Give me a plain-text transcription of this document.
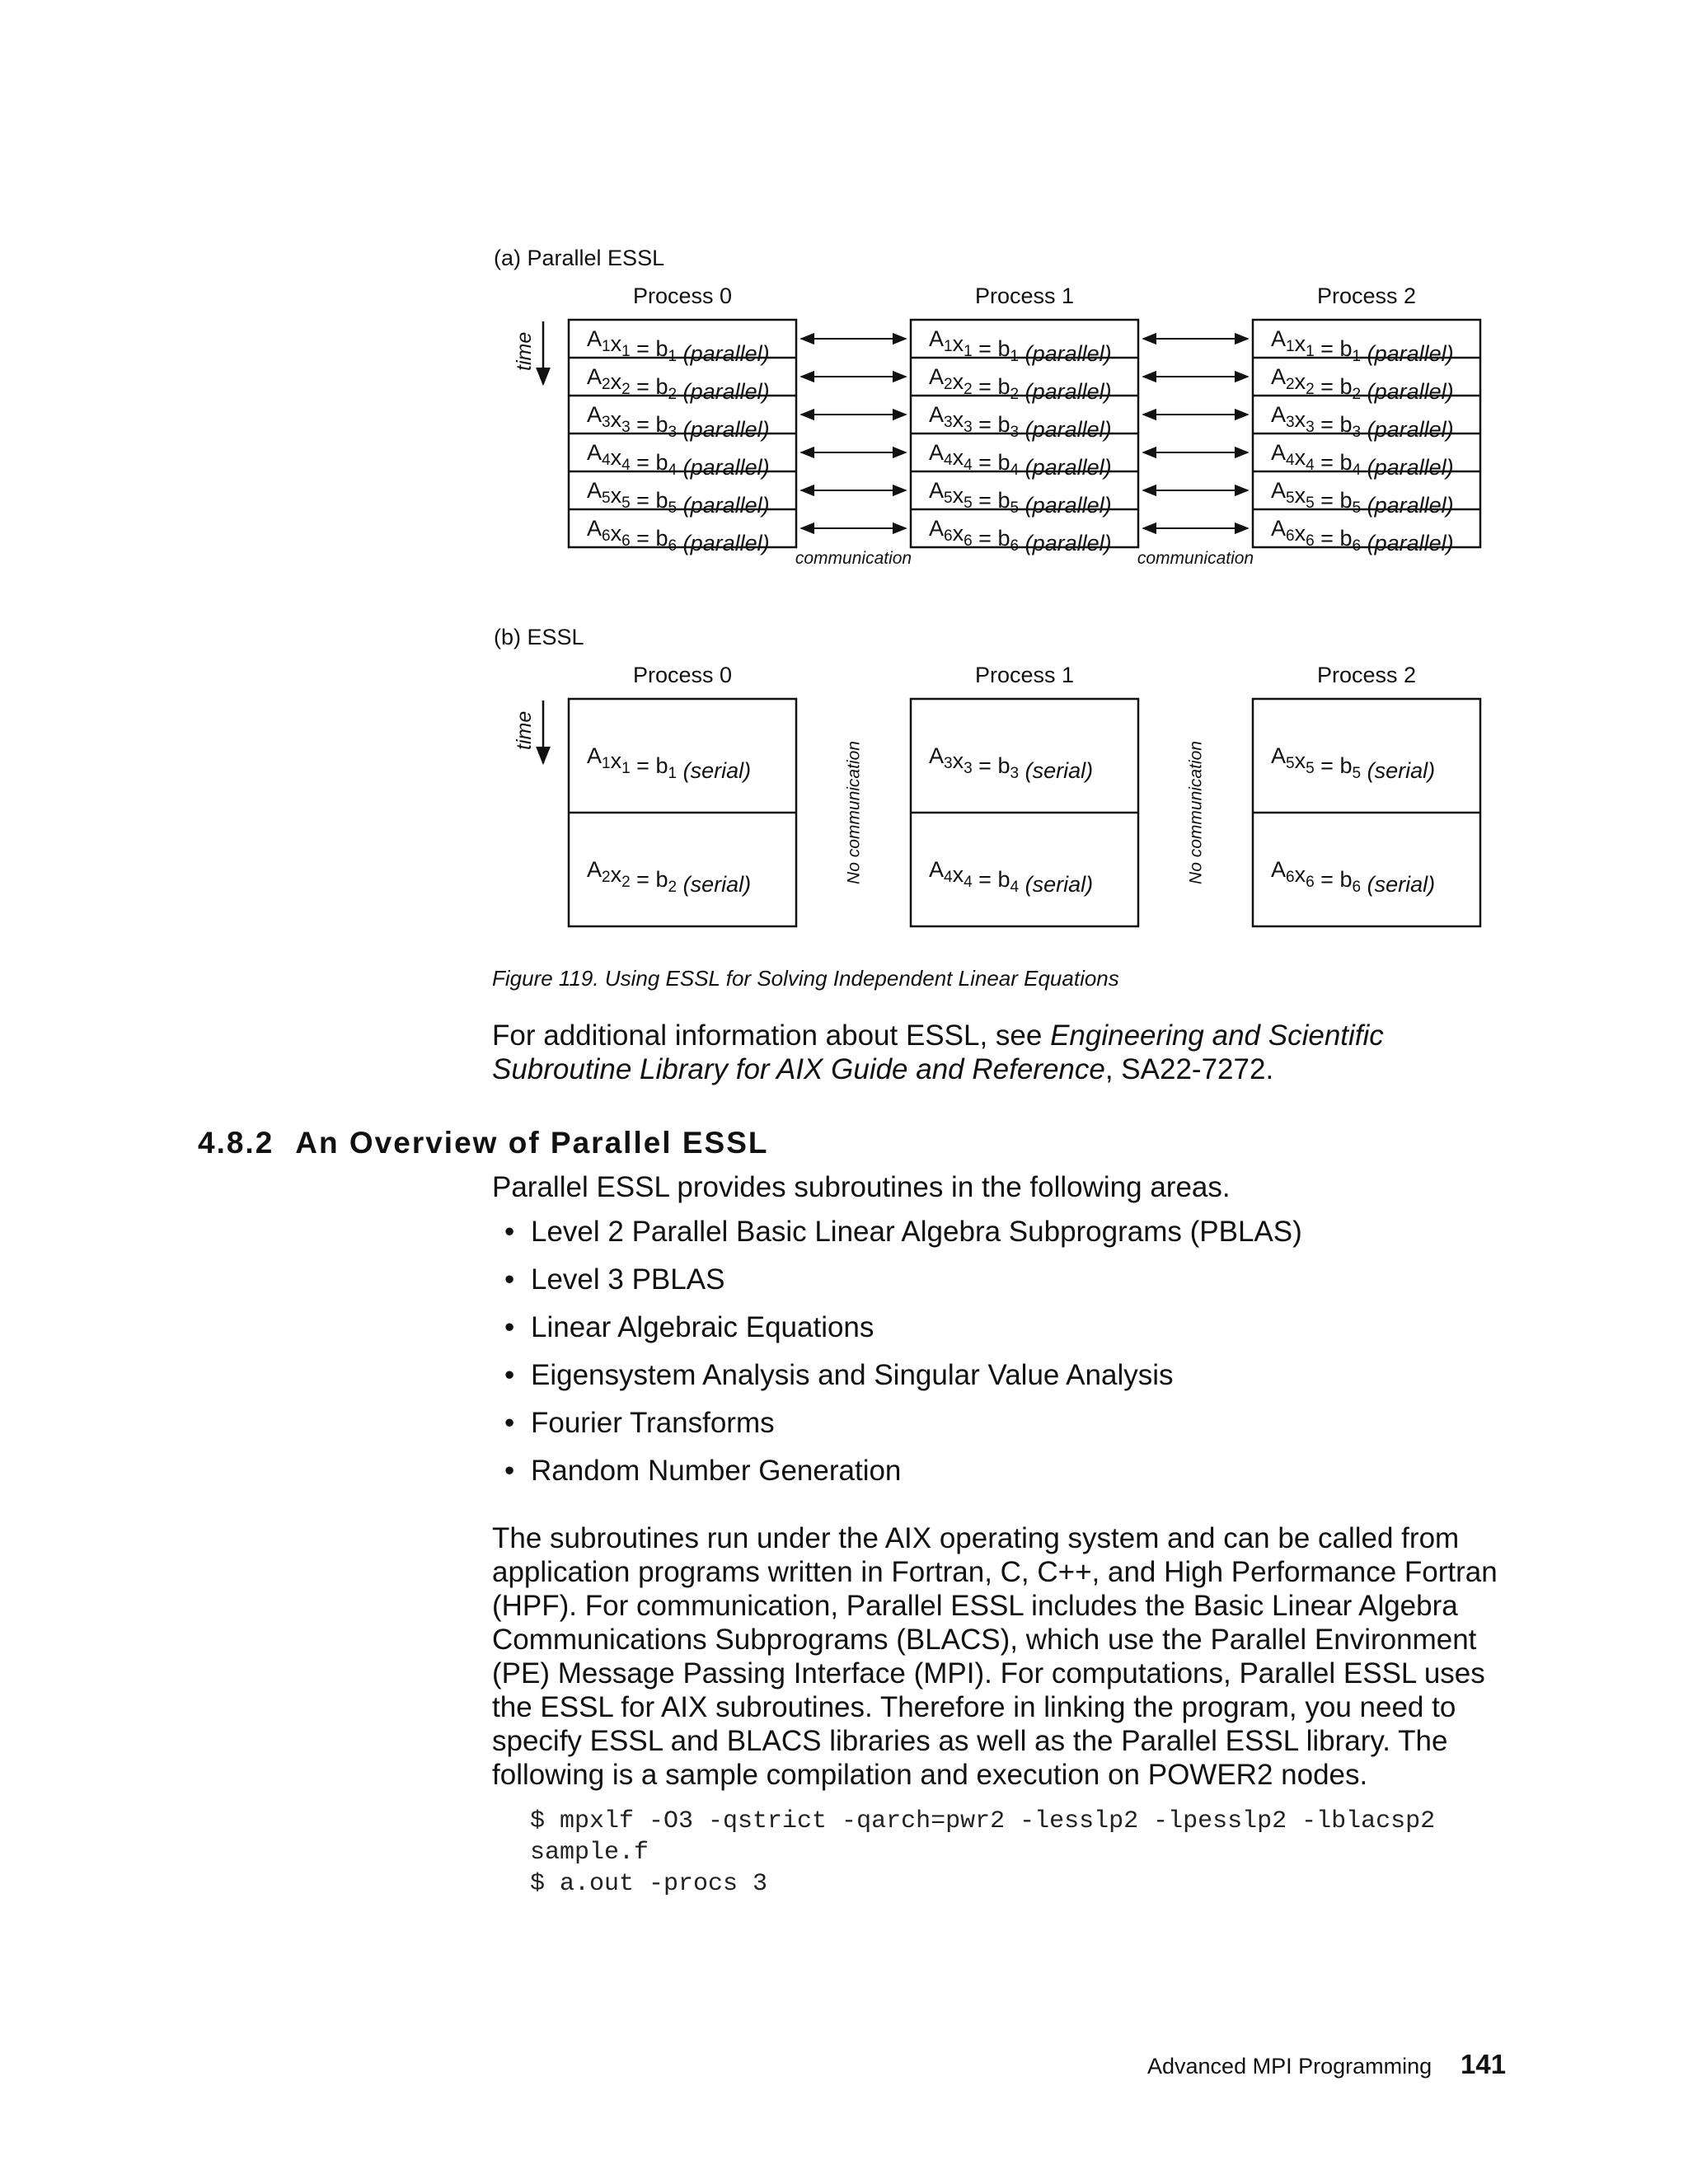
(a) Parallel ESSL
time
Process 0
$A_1x_1 = b_1$ (parallel)
$A_2x_2 = b_2$ (parallel)
$A_3x_3 = b_3$ (parallel)
$A_4x_4 = b_4$ (parallel)
$A_5x_5 = b_5$ (parallel)
$A_6x_6 = b_6$ (parallel)
Process 1
$A_1x_1 = b_1$ (parallel)
$A_2x_2 = b_2$ (parallel)
$A_3x_3 = b_3$ (parallel)
$A_4x_4 = b_4$ (parallel)
$A_5x_5 = b_5$ (parallel)
$A_6x_6 = b_6$ (parallel)
Process 2
$A_1x_1 = b_1$ (parallel)
$A_2x_2 = b_2$ (parallel)
$A_3x_3 = b_3$ (parallel)
$A_4x_4 = b_4$ (parallel)
$A_5x_5 = b_5$ (parallel)
$A_6x_6 = b_6$ (parallel)
communication	communication
(b) ESSL
time
Process 0
$A_1x_1 = b_1$ (serial)
$A_2x_2 = b_2$ (serial)
Process 1
$A_3x_3 = b_3$ (serial)
$A_4x_4 = b_4$ (serial)
Process 2
$A_5x_5 = b_5$ (serial)
$A_6x_6 = b_6$ (serial)
No communication	No communication
Figure 119. Using ESSL for Solving Independent Linear Equations

For additional information about ESSL, see Engineering and Scientific Subroutine Library for AIX Guide and Reference, SA22-7272.

4.8.2 An Overview of Parallel ESSL

Parallel ESSL provides subroutines in the following areas.

• Level 2 Parallel Basic Linear Algebra Subprograms (PBLAS)
• Level 3 PBLAS
• Linear Algebraic Equations
• Eigensystem Analysis and Singular Value Analysis
• Fourier Transforms
• Random Number Generation

The subroutines run under the AIX operating system and can be called from application programs written in Fortran, C, C++, and High Performance Fortran (HPF). For communication, Parallel ESSL includes the Basic Linear Algebra Communications Subprograms (BLACS), which use the Parallel Environment (PE) Message Passing Interface (MPI). For computations, Parallel ESSL uses the ESSL for AIX subroutines. Therefore in linking the program, you need to specify ESSL and BLACS libraries as well as the Parallel ESSL library. The following is a sample compilation and execution on POWER2 nodes.

$ mpxlf -O3 -qstrict -qarch=pwr2 -lesslp2 -lpesslp2 -lblacsp2
sample.f
$ a.out -procs 3
Advanced MPI Programming 141
